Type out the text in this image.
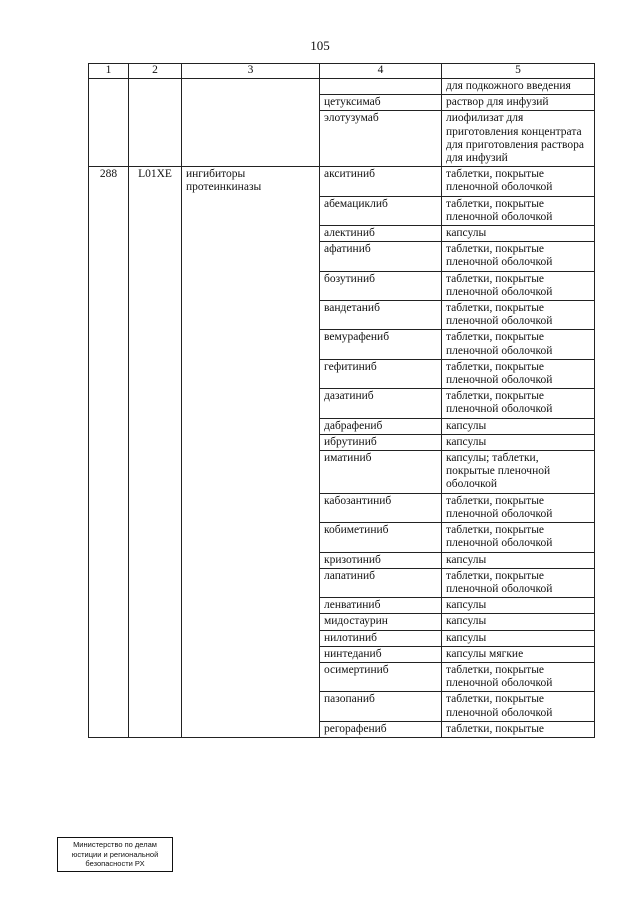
105
1	2	3	4	5
				для подкожного введения
			цетуксимаб	раствор для инфузий
			элотузумаб	лиофилизат для приготовления концентрата для приготовления раствора для инфузий
288	L01XE	ингибиторы протеинкиназы	акситиниб	таблетки, покрытые пленочной оболочкой
			абемациклиб	таблетки, покрытые пленочной оболочкой
			алектиниб	капсулы
			афатиниб	таблетки, покрытые пленочной оболочкой
			бозутиниб	таблетки, покрытые пленочной оболочкой
			вандетаниб	таблетки, покрытые пленочной оболочкой
			вемурафениб	таблетки, покрытые пленочной оболочкой
			гефитиниб	таблетки, покрытые пленочной оболочкой
			дазатиниб	таблетки, покрытые пленочной оболочкой
			дабрафениб	капсулы
			ибрутиниб	капсулы
			иматиниб	капсулы; таблетки, покрытые пленочной оболочкой
			кабозантиниб	таблетки, покрытые пленочной оболочкой
			кобиметиниб	таблетки, покрытые пленочной оболочкой
			кризотиниб	капсулы
			лапатиниб	таблетки, покрытые пленочной оболочкой
			ленватиниб	капсулы
			мидостаурин	капсулы
			нилотиниб	капсулы
			нинтеданиб	капсулы мягкие
			осимертиниб	таблетки, покрытые пленочной оболочкой
			пазопаниб	таблетки, покрытые пленочной оболочкой
			регорафениб	таблетки, покрытые
Министерство по делам
юстиции и региональной
безопасности РХ
